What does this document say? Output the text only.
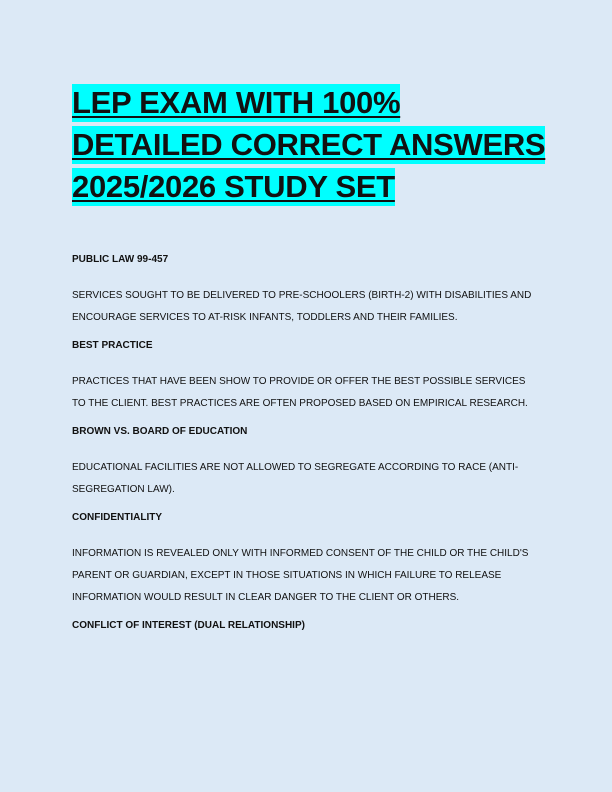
LEP EXAM WITH 100%
DETAILED CORRECT ANSWERS
2025/2026 STUDY SET

PUBLIC LAW 99-457

SERVICES SOUGHT TO BE DELIVERED TO PRE-SCHOOLERS (BIRTH-2) WITH DISABILITIES AND ENCOURAGE SERVICES TO AT-RISK INFANTS, TODDLERS AND THEIR FAMILIES.

BEST PRACTICE

PRACTICES THAT HAVE BEEN SHOW TO PROVIDE OR OFFER THE BEST POSSIBLE SERVICES TO THE CLIENT. BEST PRACTICES ARE OFTEN PROPOSED BASED ON EMPIRICAL RESEARCH.

BROWN VS. BOARD OF EDUCATION

EDUCATIONAL FACILITIES ARE NOT ALLOWED TO SEGREGATE ACCORDING TO RACE (ANTI-SEGREGATION LAW).

CONFIDENTIALITY

INFORMATION IS REVEALED ONLY WITH INFORMED CONSENT OF THE CHILD OR THE CHILD'S PARENT OR GUARDIAN, EXCEPT IN THOSE SITUATIONS IN WHICH FAILURE TO RELEASE INFORMATION WOULD RESULT IN CLEAR DANGER TO THE CLIENT OR OTHERS.

CONFLICT OF INTEREST (DUAL RELATIONSHIP)
